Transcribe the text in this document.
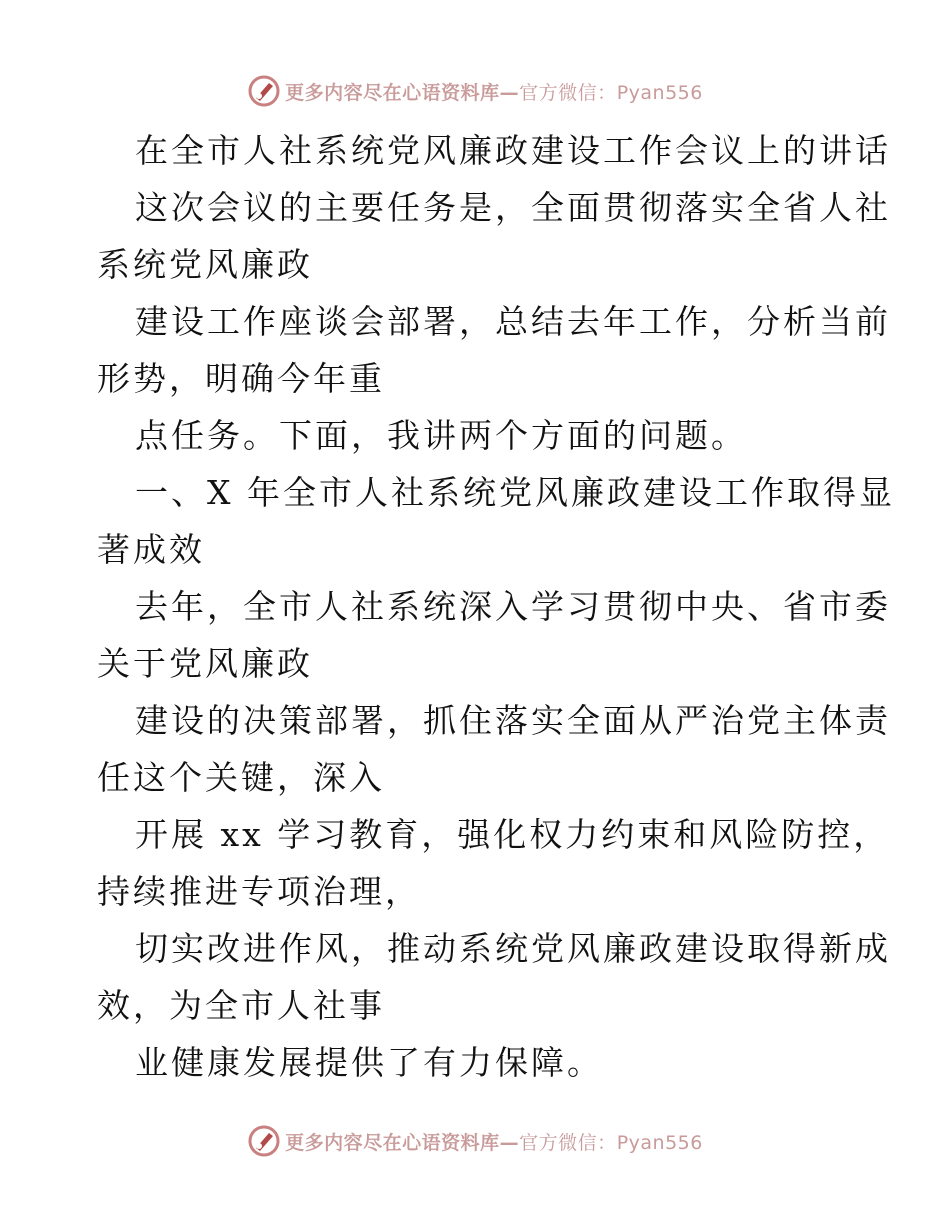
更多内容尽在心语资料库—官方微信：Pyan556
在全市人社系统党风廉政建设工作会议上的讲话
这次会议的主要任务是，全面贯彻落实全省人社
系统党风廉政
建设工作座谈会部署，总结去年工作，分析当前
形势，明确今年重
点任务。下面，我讲两个方面的问题。
一、X 年全市人社系统党风廉政建设工作取得显
著成效
去年，全市人社系统深入学习贯彻中央、省市委
关于党风廉政
建设的决策部署，抓住落实全面从严治党主体责
任这个关键，深入
开展 xx 学习教育，强化权力约束和风险防控，
持续推进专项治理，
切实改进作风，推动系统党风廉政建设取得新成
效，为全市人社事
业健康发展提供了有力保障。
更多内容尽在心语资料库—官方微信：Pyan556
